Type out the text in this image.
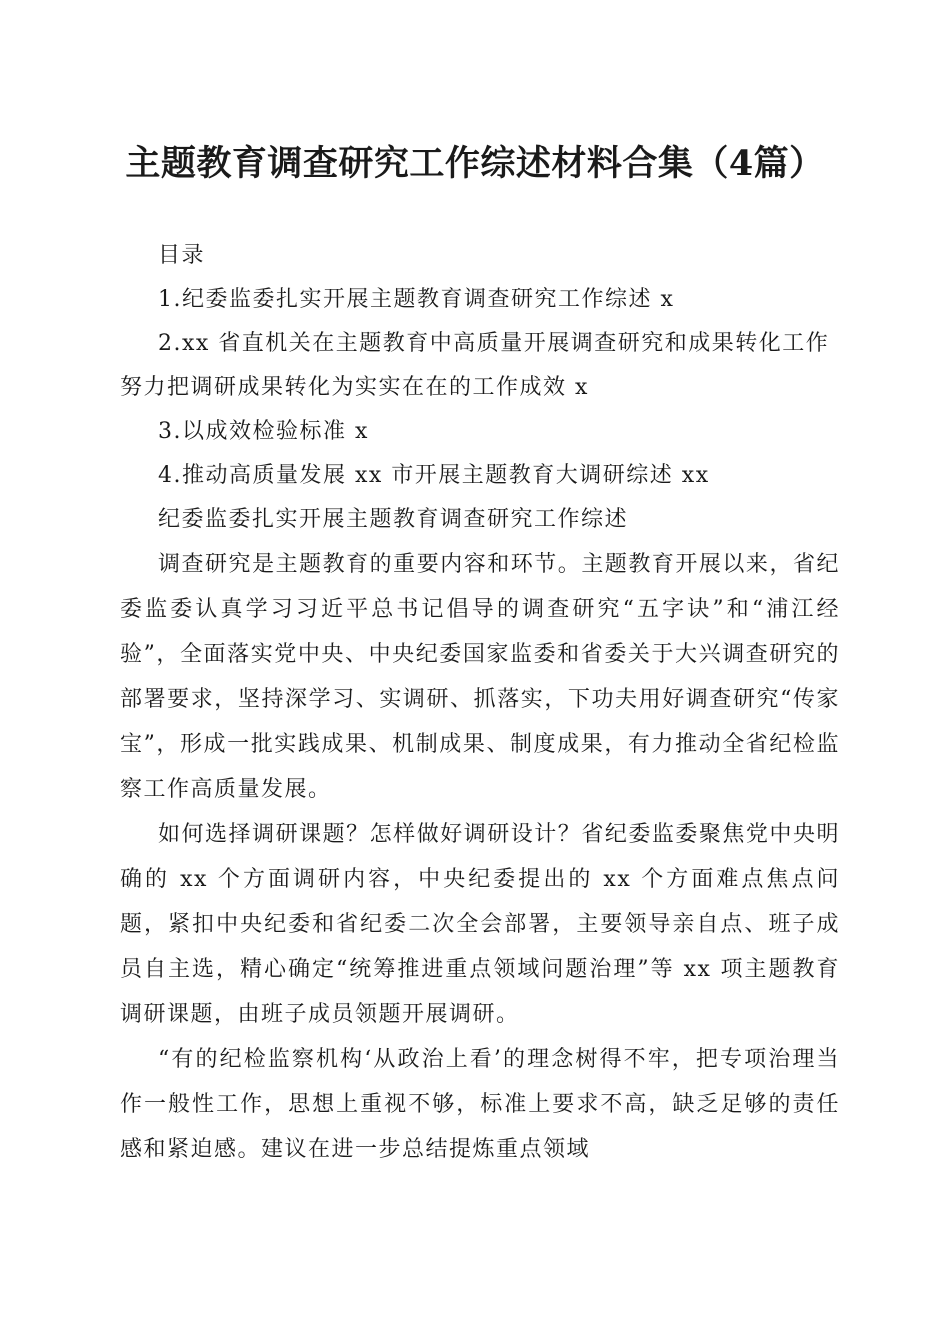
主题教育调查研究工作综述材料合集（4篇）
目录
1.纪委监委扎实开展主题教育调查研究工作综述 x
2.xx 省直机关在主题教育中高质量开展调查研究和成果转化工作努力把调研成果转化为实实在在的工作成效 x
3.以成效检验标准 x
4.推动高质量发展 xx 市开展主题教育大调研综述 xx
纪委监委扎实开展主题教育调查研究工作综述

调查研究是主题教育的重要内容和环节。主题教育开展以来，省纪委监委认真学习习近平总书记倡导的调查研究“五字诀”和“浦江经验”，全面落实党中央、中央纪委国家监委和省委关于大兴调查研究的部署要求，坚持深学习、实调研、抓落实，下功夫用好调查研究“传家宝”，形成一批实践成果、机制成果、制度成果，有力推动全省纪检监察工作高质量发展。

如何选择调研课题？怎样做好调研设计？省纪委监委聚焦党中央明确的 xx 个方面调研内容，中央纪委提出的 xx 个方面难点焦点问题，紧扣中央纪委和省纪委二次全会部署，主要领导亲自点、班子成员自主选，精心确定“统筹推进重点领域问题治理”等 xx 项主题教育调研课题，由班子成员领题开展调研。

“有的纪检监察机构‘从政治上看’的理念树得不牢，把专项治理当作一般性工作，思想上重视不够，标准上要求不高，缺乏足够的责任感和紧迫感。建议在进一步总结提炼重点领域
